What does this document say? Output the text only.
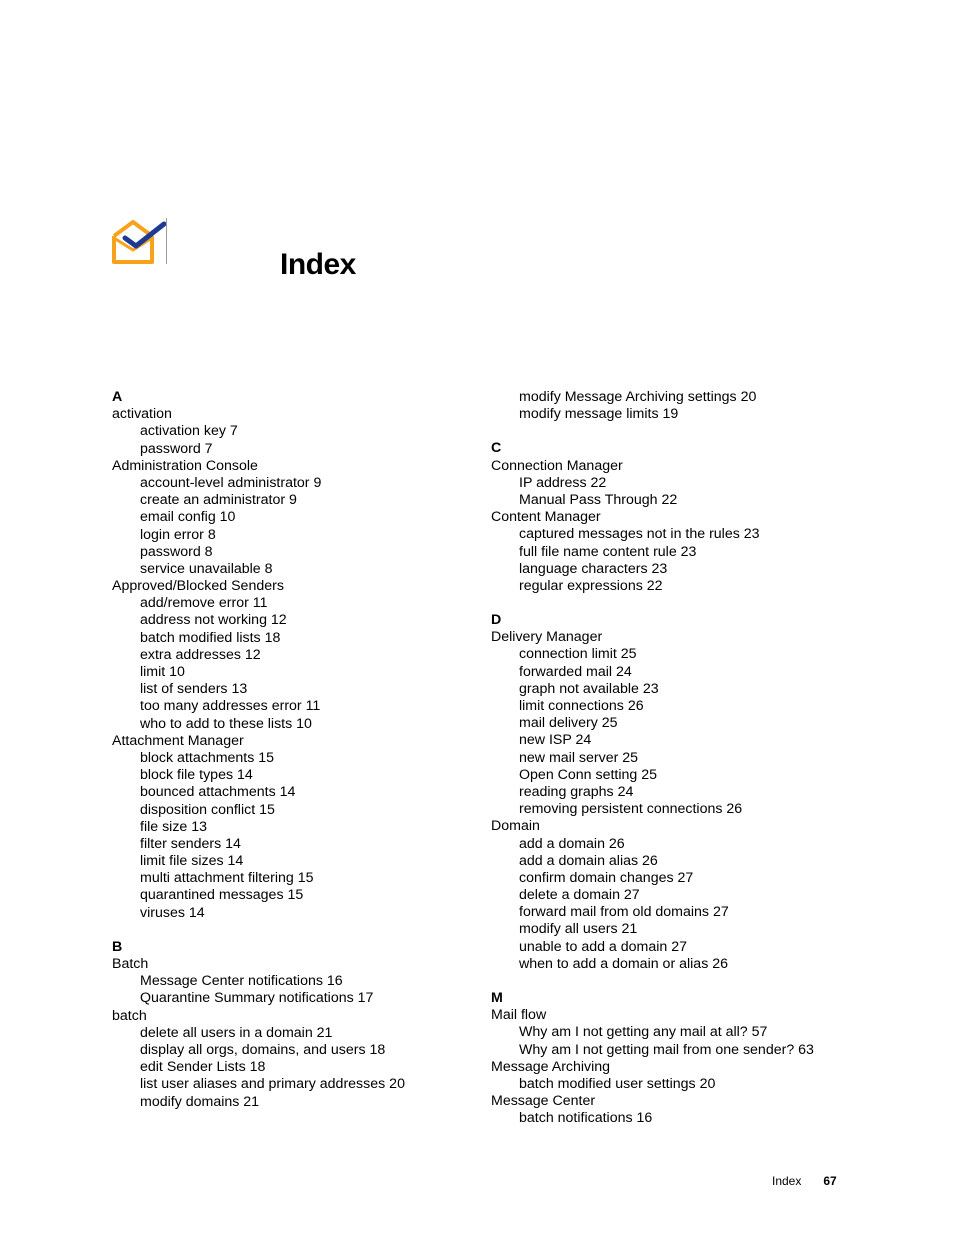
Index
A
activation
activation key 7
password 7
Administration Console
account-level administrator 9
create an administrator 9
email config 10
login error 8
password 8
service unavailable 8
Approved/Blocked Senders
add/remove error 11
address not working 12
batch modified lists 18
extra addresses 12
limit 10
list of senders 13
too many addresses error 11
who to add to these lists 10
Attachment Manager
block attachments 15
block file types 14
bounced attachments 14
disposition conflict 15
file size 13
filter senders 14
limit file sizes 14
multi attachment filtering 15
quarantined messages 15
viruses 14
B
Batch
Message Center notifications 16
Quarantine Summary notifications 17
batch
delete all users in a domain 21
display all orgs, domains, and users 18
edit Sender Lists 18
list user aliases and primary addresses 20
modify domains 21
modify Message Archiving settings 20
modify message limits 19
C
Connection Manager
IP address 22
Manual Pass Through 22
Content Manager
captured messages not in the rules 23
full file name content rule 23
language characters 23
regular expressions 22
D
Delivery Manager
connection limit 25
forwarded mail 24
graph not available 23
limit connections 26
mail delivery 25
new ISP 24
new mail server 25
Open Conn setting 25
reading graphs 24
removing persistent connections 26
Domain
add a domain 26
add a domain alias 26
confirm domain changes 27
delete a domain 27
forward mail from old domains 27
modify all users 21
unable to add a domain 27
when to add a domain or alias 26
M
Mail flow
Why am I not getting any mail at all? 57
Why am I not getting mail from one sender? 63
Message Archiving
batch modified user settings 20
Message Center
batch notifications 16
Index 67
